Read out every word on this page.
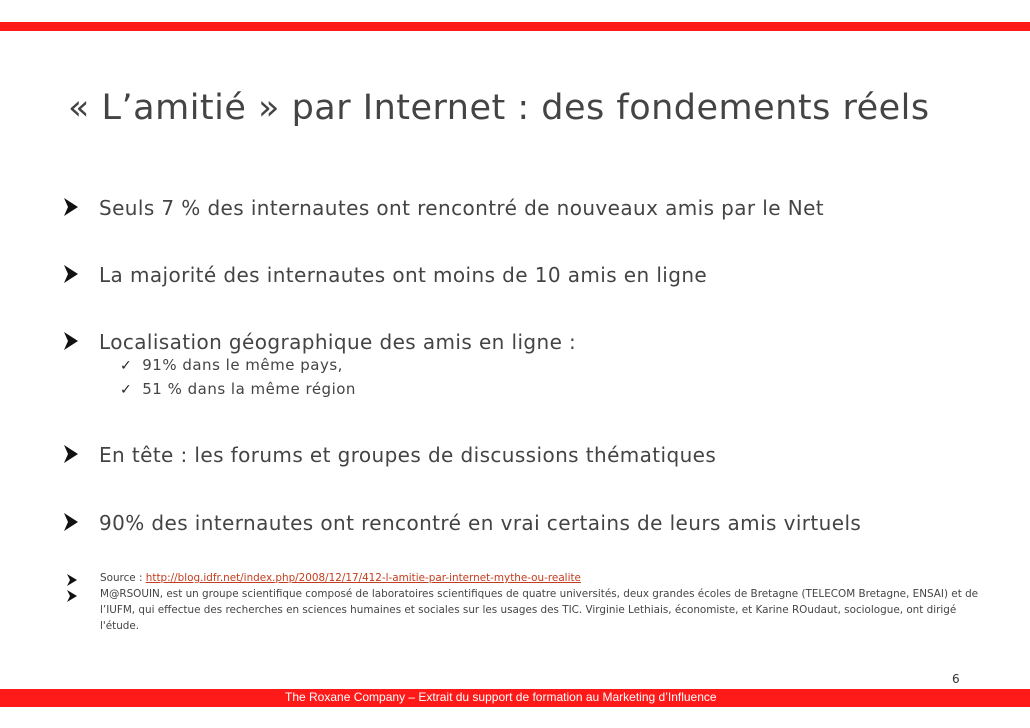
« L’amitié » par Internet : des fondements réels
Seuls 7 % des internautes ont rencontré de nouveaux amis par le Net
La majorité des internautes ont moins de 10 amis en ligne
Localisation géographique des amis en ligne :
✓ 91% dans le même pays,
✓ 51 % dans la même région
En tête : les forums et groupes de discussions thématiques
90% des internautes ont rencontré en vrai certains de leurs amis virtuels
Source : http://blog.idfr.net/index.php/2008/12/17/412-l-amitie-par-internet-mythe-ou-realite
M@RSOUIN, est un groupe scientifique composé de laboratoires scientifiques de quatre universités, deux grandes écoles de Bretagne (TELECOM Bretagne, ENSAI) et de l’IUFM, qui effectue des recherches en sciences humaines et sociales sur les usages des TIC. Virginie Lethiais, économiste, et Karine ROudaut, sociologue, ont dirigé l'étude.
6
The Roxane Company – Extrait du support de formation au Marketing d’Influence
